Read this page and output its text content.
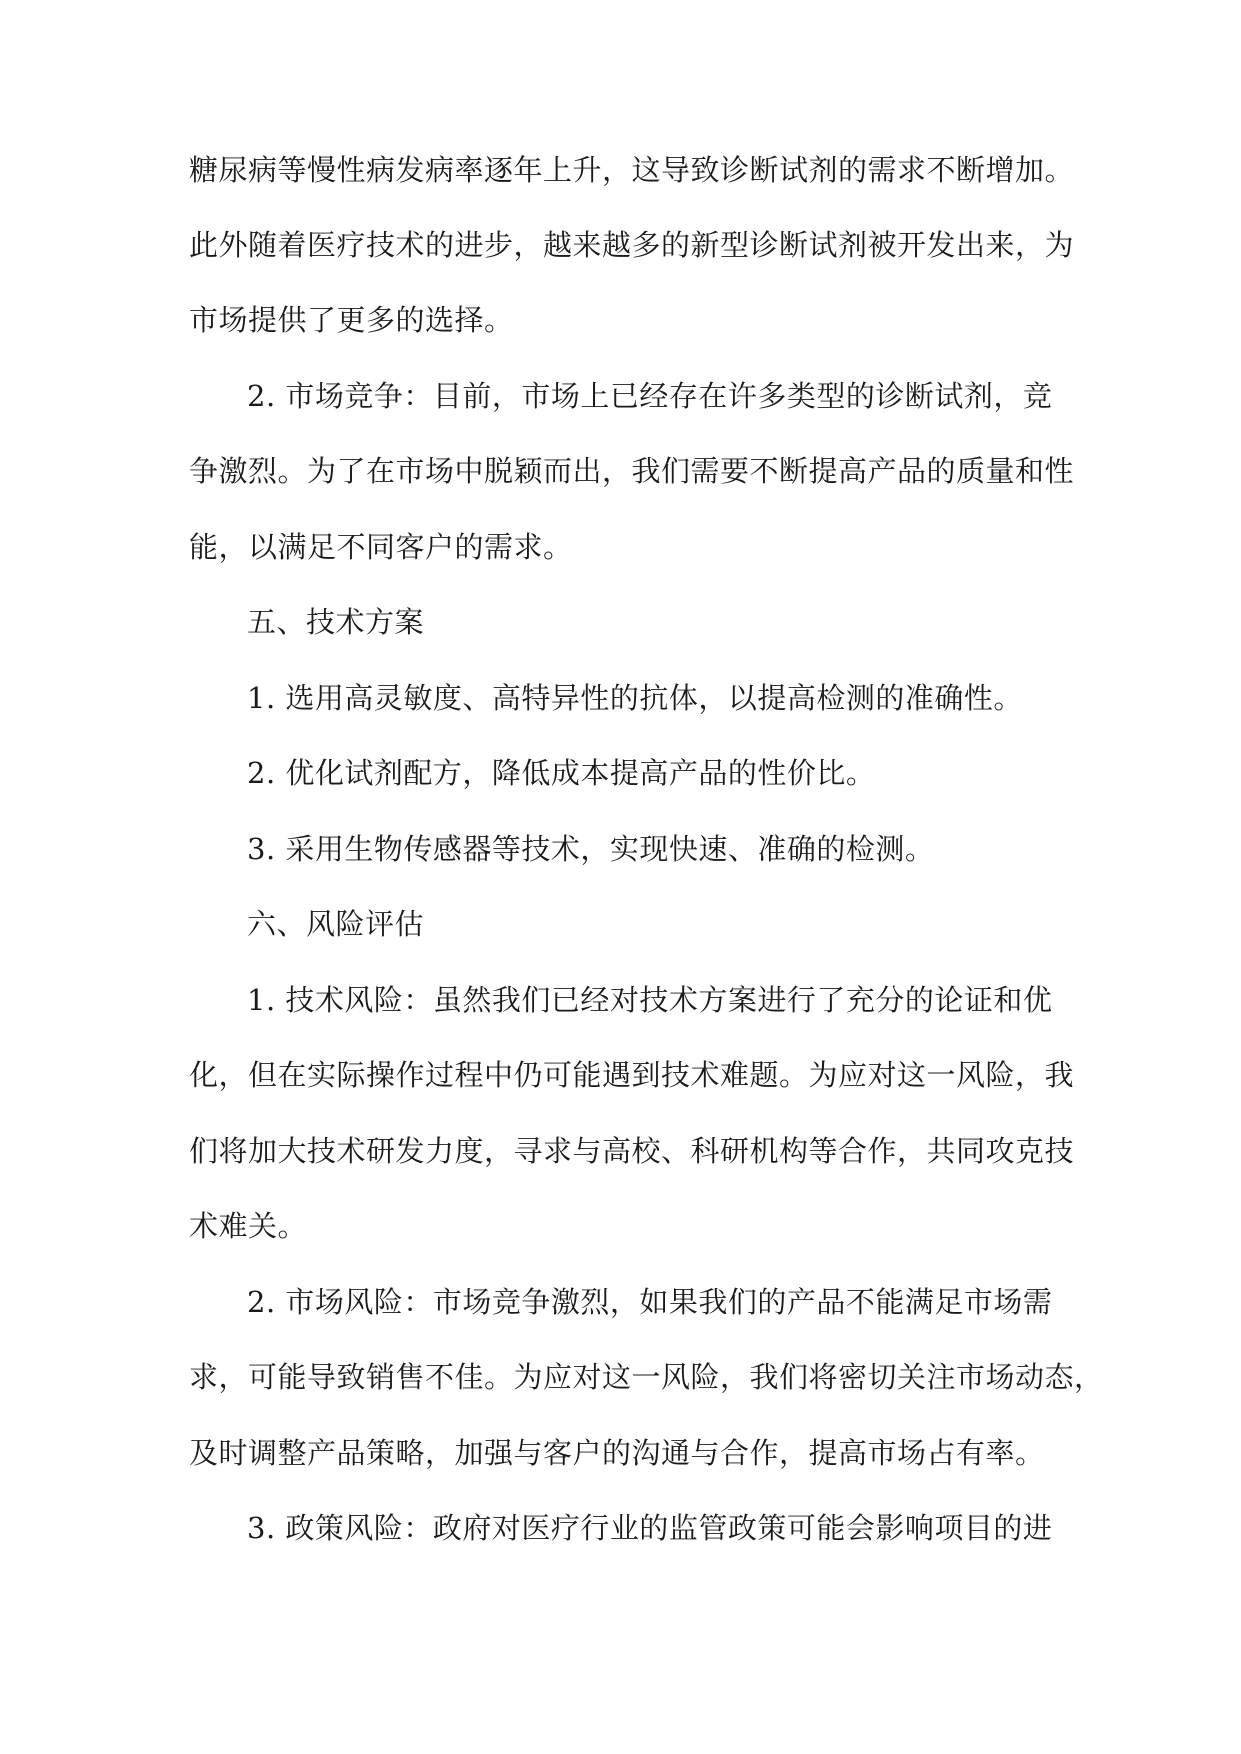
糖尿病等慢性病发病率逐年上升，这导致诊断试剂的需求不断增加。
此外随着医疗技术的进步，越来越多的新型诊断试剂被开发出来，为
市场提供了更多的选择。
2. 市场竞争：目前，市场上已经存在许多类型的诊断试剂，竞
争激烈。为了在市场中脱颖而出，我们需要不断提高产品的质量和性
能，以满足不同客户的需求。
五、技术方案
1. 选用高灵敏度、高特异性的抗体，以提高检测的准确性。
2. 优化试剂配方，降低成本提高产品的性价比。
3. 采用生物传感器等技术，实现快速、准确的检测。
六、风险评估
1. 技术风险：虽然我们已经对技术方案进行了充分的论证和优
化，但在实际操作过程中仍可能遇到技术难题。为应对这一风险，我
们将加大技术研发力度，寻求与高校、科研机构等合作，共同攻克技
术难关。
2. 市场风险：市场竞争激烈，如果我们的产品不能满足市场需
求，可能导致销售不佳。为应对这一风险，我们将密切关注市场动态，
及时调整产品策略，加强与客户的沟通与合作，提高市场占有率。
3. 政策风险：政府对医疗行业的监管政策可能会影响项目的进
